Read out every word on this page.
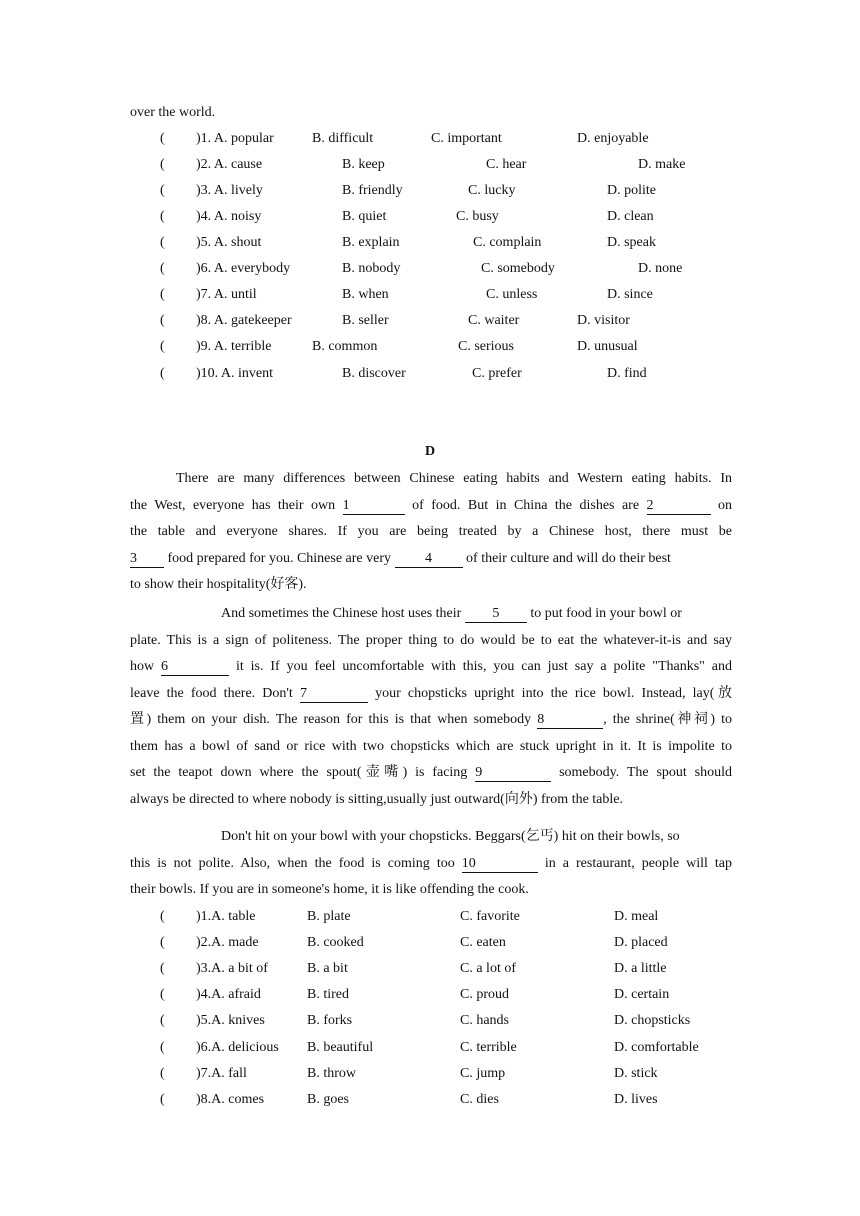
over the world.
( )1. A. popular	B. difficult	C. important	D. enjoyable
( )2. A. cause	B. keep	C. hear	D. make
( )3. A. lively	B. friendly	C. lucky	D. polite
( )4. A. noisy	B. quiet	C. busy	D. clean
( )5. A. shout	B. explain	C. complain	D. speak
( )6. A. everybody	B. nobody	C. somebody	D. none
( )7. A. until	B. when	C. unless	D. since
( )8. A. gatekeeper	B. seller	C. waiter	D. visitor
( )9. A. terrible	B. common	C. serious	D. unusual
( )10. A. invent	B. discover	C. prefer	D. find
D
There are many differences between Chinese eating habits and Western eating habits. In
the West, everyone has their own 1	of food. But in China the dishes are 2	on
the table and everyone shares. If you are being treated by a Chinese host, there must be
3 food prepared for you. Chinese are very 4 of their culture and will do their best
to show their hospitality(好客).
And sometimes the Chinese host uses their 5 to put food in your bowl or
plate. This is a sign of politeness. The proper thing to do would be to eat the whatever-it-is and say
how 6	it is. If you feel uncomfortable with this, you can just say a polite "Thanks" and
leave the food there. Don't 7	your chopsticks upright into the rice bowl. Instead, lay(放
置) them on your dish. The reason for this is that when somebody 8	, the shrine(神祠) to
them has a bowl of sand or rice with two chopsticks which are stuck upright in it. It is impolite to
set the teapot down where the spout(壶嘴) is facing 9	somebody. The spout should
always be directed to where nobody is sitting,usually just outward(向外) from the table.
Don't hit on your bowl with your chopsticks. Beggars(乞丐) hit on their bowls, so
this is not polite. Also, when the food is coming too 10	in a restaurant, people will tap
their bowls. If you are in someone's home, it is like offending the cook.
( )1.A. table	B. plate	C. favorite	D. meal
( )2.A. made	B. cooked	C. eaten	D. placed
( )3.A. a bit of	B. a bit	C. a lot of	D. a little
( )4.A. afraid	B. tired	C. proud	D. certain
( )5.A. knives	B. forks	C. hands	D. chopsticks
( )6.A. delicious B. beautiful	C. terrible	D. comfortable
( )7.A. fall	B. throw	C. jump	D. stick
( )8.A. comes	B. goes	C. dies	D. lives
